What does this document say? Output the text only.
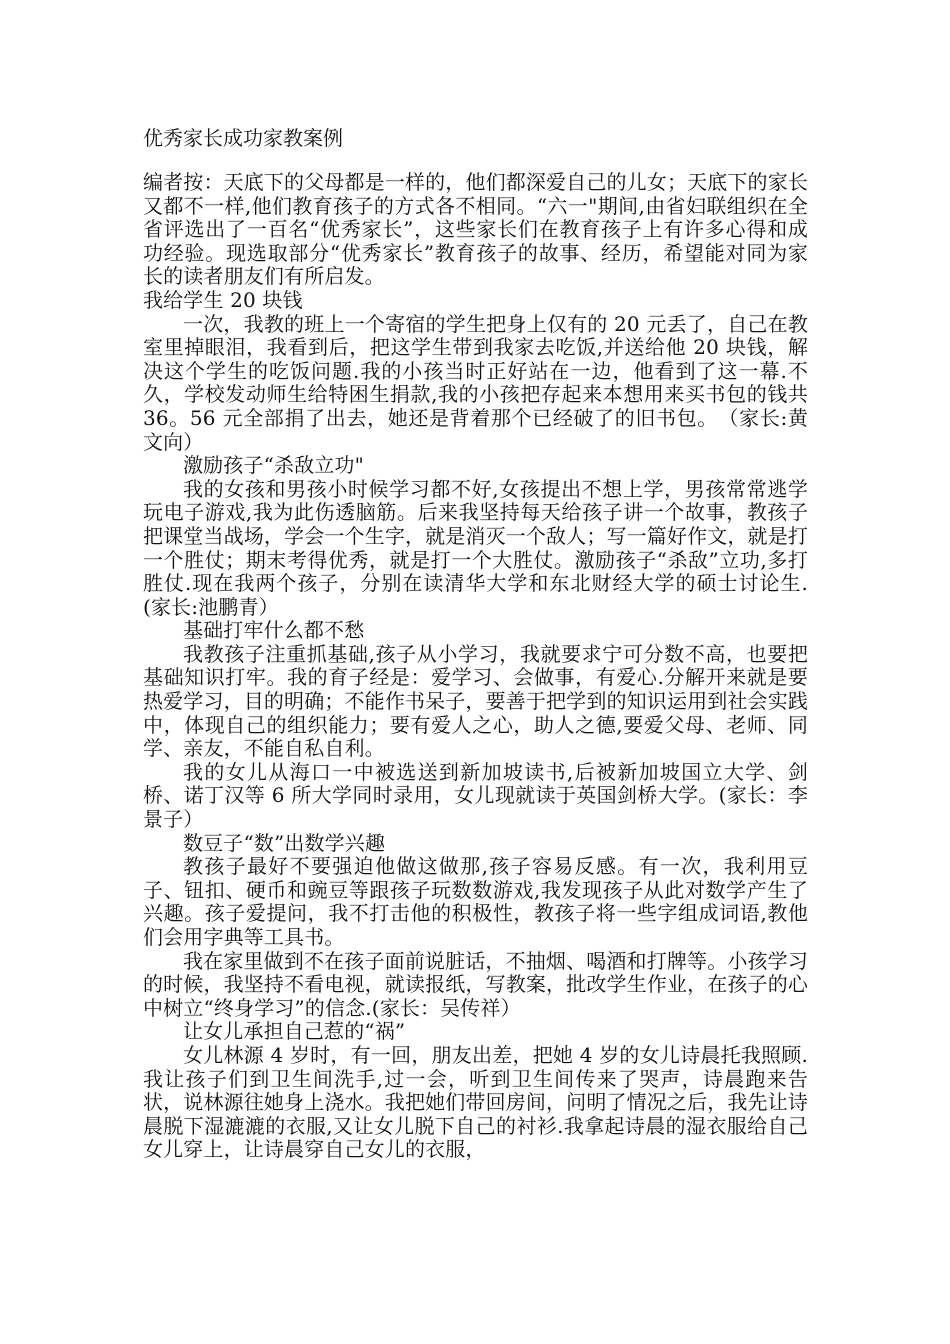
优秀家长成功家教案例

编者按：天底下的父母都是一样的，他们都深爱自己的儿女；天底下的家长又都不一样,他们教育孩子的方式各不相同。“六一"期间,由省妇联组织在全省评选出了一百名“优秀家长”，这些家长们在教育孩子上有许多心得和成功经验。现选取部分“优秀家长”教育孩子的故事、经历，希望能对同为家长的读者朋友们有所启发。

我给学生 20 块钱

一次，我教的班上一个寄宿的学生把身上仅有的 20 元丢了，自己在教室里掉眼泪，我看到后，把这学生带到我家去吃饭,并送给他 20 块钱，解决这个学生的吃饭问题.我的小孩当时正好站在一边，他看到了这一幕.不久，学校发动师生给特困生捐款,我的小孩把存起来本想用来买书包的钱共 36。56 元全部捐了出去，她还是背着那个已经破了的旧书包。　（家长:黄文向）

激励孩子“杀敌立功"

我的女孩和男孩小时候学习都不好,女孩提出不想上学，男孩常常逃学玩电子游戏,我为此伤透脑筋。后来我坚持每天给孩子讲一个故事，教孩子把课堂当战场，学会一个生字，就是消灭一个敌人；写一篇好作文，就是打一个胜仗；期末考得优秀，就是打一个大胜仗。激励孩子“杀敌”立功,多打胜仗.现在我两个孩子，分别在读清华大学和东北财经大学的硕士讨论生.(家长:池鹏青）

基础打牢什么都不愁

我教孩子注重抓基础,孩子从小学习，我就要求宁可分数不高，也要把基础知识打牢。我的育子经是：爱学习、会做事，有爱心.分解开来就是要热爱学习，目的明确；不能作书呆子，要善于把学到的知识运用到社会实践中，体现自己的组织能力；要有爱人之心，助人之德,要爱父母、老师、同学、亲友，不能自私自利。

我的女儿从海口一中被选送到新加坡读书,后被新加坡国立大学、剑桥、诺丁汉等 6 所大学同时录用，女儿现就读于英国剑桥大学。(家长：李景子）

数豆子“数”出数学兴趣

教孩子最好不要强迫他做这做那,孩子容易反感。有一次，我利用豆子、钮扣、硬币和豌豆等跟孩子玩数数游戏,我发现孩子从此对数学产生了兴趣。孩子爱提问，我不打击他的积极性，教孩子将一些字组成词语,教他们会用字典等工具书。

我在家里做到不在孩子面前说脏话，不抽烟、喝酒和打牌等。小孩学习的时候，我坚持不看电视，就读报纸，写教案，批改学生作业，在孩子的心中树立“终身学习”的信念.(家长：吴传祥）

让女儿承担自己惹的“祸”

女儿林源 4 岁时，有一回，朋友出差，把她 4 岁的女儿诗晨托我照顾.我让孩子们到卫生间洗手,过一会，听到卫生间传来了哭声，诗晨跑来告状，说林源往她身上浇水。我把她们带回房间，问明了情况之后，我先让诗晨脱下湿漉漉的衣服,又让女儿脱下自己的衬衫.我拿起诗晨的湿衣服给自己女儿穿上，让诗晨穿自己女儿的衣服，
